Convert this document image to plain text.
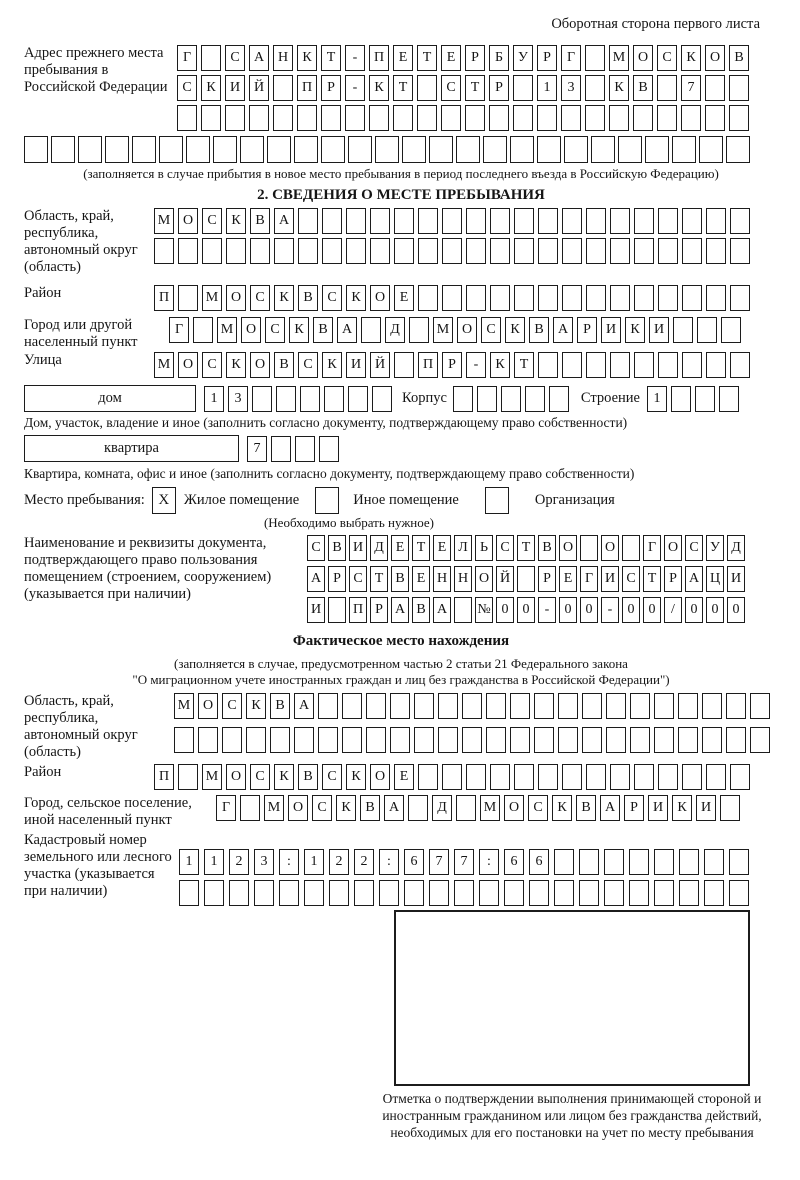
Оборотная сторона первого листа
Адрес прежнего места пребывания в Российской Федерации
Г	С	А Н	К	Т	-	П	Е	Т	Е	Р	Б	У	Р	Г	М О	С	К	О	В
С	К	И Й	П	Р	-	К	Т	С	Т	Р	1	3	К	В	7
(заполняется в случае прибытия в новое место пребывания в период последнего въезда в Российскую Федерацию)
2. СВЕДЕНИЯ О МЕСТЕ ПРЕБЫВАНИЯ
Область, край, республика, автономный округ (область)
М О	С	К	В	А
Район	П	М О	С	К	В	С	К	О	Е
Город или другой населенный пункт
Г	М О	С	К	В	А	Д	М О	С	К	В	А	Р	И	К	И
Улица	М О	С	К	О	В	С	К	И Й	П	Р	-	К	Т
дом	1	3	Корпус	Строение 1
Дом, участок, владение и иное (заполнить согласно документу, подтверждающему право собственности)
квартира	7
Квартира, комната, офис и иное (заполнить согласно документу, подтверждающему право собственности)
Место пребывания: X	Жилое помещение	Иное помещение	Организация
(Необходимо выбрать нужное)
Наименование и реквизиты документа, подтверждающего право пользования помещением (строением, сооружением) (указывается при наличии)
С В И Д Е Т Е Л Ь С Т В О О	Г О С У Д
А Р С Т В Е Н Н О Й	Р Е Г И С Т Р А Ц И
И П Р А В А № 0	0	-	0	0	-	0	0	/	0	0	0
Фактическое место нахождения
(заполняется в случае, предусмотренном частью 2 статьи 21 Федерального закона
"О миграционном учете иностранных граждан и лиц без гражданства в Российской Федерации")
Область, край, республика, автономный округ (область)
М О	С	К	В	А
Район	П	М О	С	К	В	С	К	О	Е
Город, сельское поселение, иной населенный пункт
Г	М О	С	К	В	А	Д	М О	С	К	В	А	Р	И	К	И
Кадастровый номер земельного или лесного участка (указывается при наличии)
1	1	2	3	:	1	2	2	:	6	7	7	:	6	6
Отметка о подтверждении выполнения принимающей стороной и иностранным гражданином или лицом без гражданства действий, необходимых для его постановки на учет по месту пребывания
